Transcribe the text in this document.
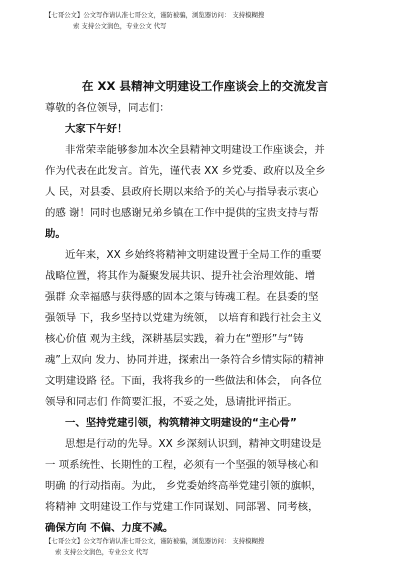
【七哥公文】公文写作请认准七哥公文，谨防被骗，浏览器访问： 支持模糊搜
索 支持公文润色，专业公文 代写
在 XX 县精神文明建设工作座谈会上的交流发言
尊敬的各位领导，同志们：
大家下午好！
非常荣幸能够参加本次全县精神文明建设工作座谈会，并
作为代表在此发言。首先，谨代表 XX 乡党委、政府以及全乡
人 民，对县委、县政府长期以来给予的关心与指导表示衷心
的感 谢！同时也感谢兄弟乡镇在工作中提供的宝贵支持与帮
助。
近年来，XX 乡始终将精神文明建设置于全局工作的重要
战略位置，将其作为凝聚发展共识、提升社会治理效能、增
强群 众幸福感与获得感的固本之策与铸魂工程。在县委的坚
强领导 下，我乡坚持以党建为统领， 以培育和践行社会主义
核心价值 观为主线，深耕基层实践，着力在“塑形”与“铸
魂”上双向 发力、协同并进，探索出一条符合乡情实际的精神
文明建设路 径。下面，我将我乡的一些做法和体会， 向各位
领导和同志们 作简要汇报，不妥之处，恳请批评指正。
一、坚持党建引领，构筑精神文明建设的“主心骨”
思想是行动的先导。XX 乡深刻认识到，精神文明建设是
一 项系统性、长期性的工程，必须有一个坚强的领导核心和
明确 的行动指南。为此， 乡党委始终高举党建引领的旗帜，
将精神 文明建设工作与党建工作同谋划、同部署、同考核，
确保方向 不偏、力度不减。
【七哥公文】公文写作请认准七哥公文，谨防被骗，浏览器访问： 支持模糊搜
索 支持公文润色，专业公文 代写
